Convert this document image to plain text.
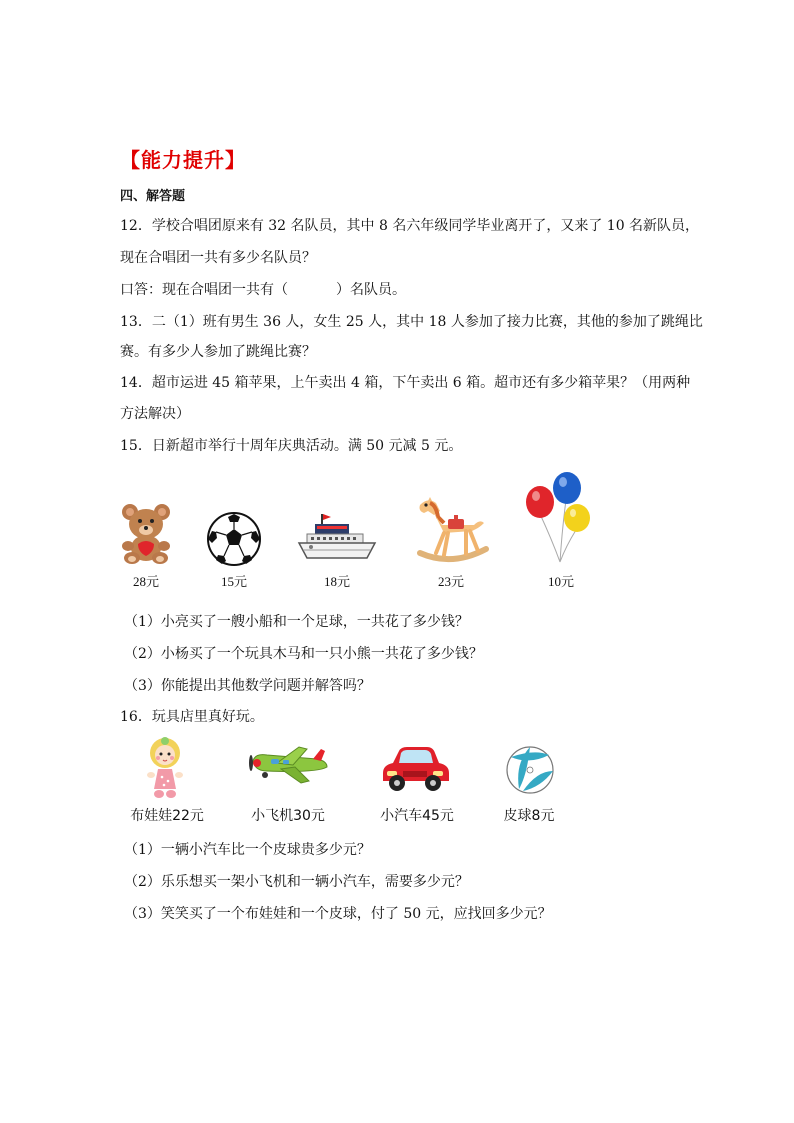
【能力提升】
四、解答题
12．学校合唱团原来有 32 名队员，其中 8 名六年级同学毕业离开了，又来了 10 名新队员，
现在合唱团一共有多少名队员？
口答：现在合唱团一共有（	）名队员。
13．二（1）班有男生 36 人，女生 25 人，其中 18 人参加了接力比赛，其他的参加了跳绳比
赛。有多少人参加了跳绳比赛？
14．超市运进 45 箱苹果，上午卖出 4 箱，下午卖出 6 箱。超市还有多少箱苹果？（用两种
方法解决）
15．日新超市举行十周年庆典活动。满 50 元减 5 元。
28元	15元	18元	23元	10元
（1）小亮买了一艘小船和一个足球，一共花了多少钱？
（2）小杨买了一个玩具木马和一只小熊一共花了多少钱？
（3）你能提出其他数学问题并解答吗？
16．玩具店里真好玩。
布娃娃22元	小飞机30元	小汽车45元	皮球8元
（1）一辆小汽车比一个皮球贵多少元？
（2）乐乐想买一架小飞机和一辆小汽车，需要多少元？
（3）笑笑买了一个布娃娃和一个皮球，付了 50 元，应找回多少元？
